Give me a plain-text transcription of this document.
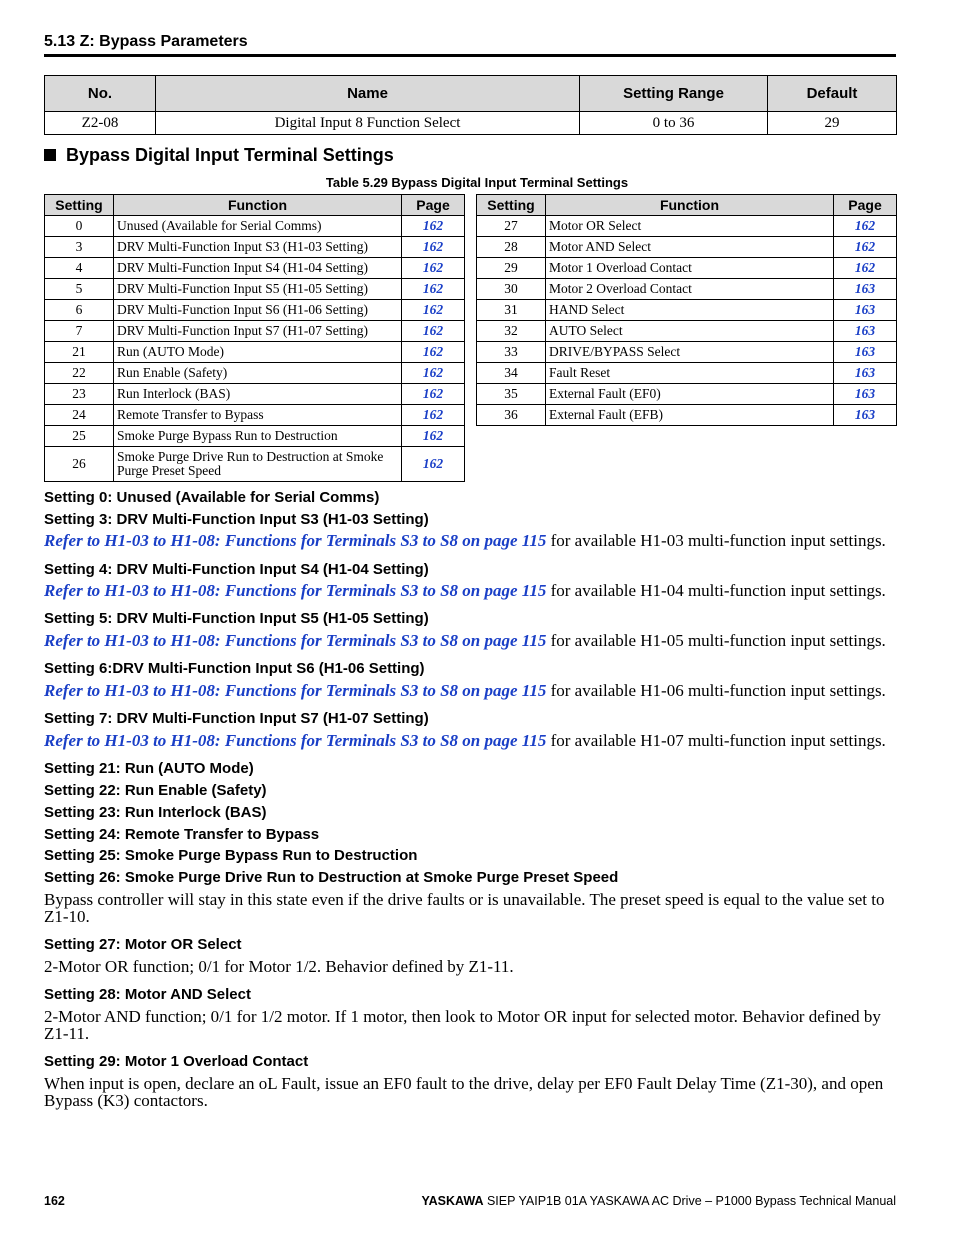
5.13 Z: Bypass Parameters
No.	Name	Setting Range	Default
Z2-08	Digital Input 8 Function Select	0 to 36	29
Bypass Digital Input Terminal Settings
Table 5.29 Bypass Digital Input Terminal Settings
Setting	Function	Page
0	Unused (Available for Serial Comms)	162
3	DRV Multi-Function Input S3 (H1-03 Setting)	162
4	DRV Multi-Function Input S4 (H1-04 Setting)	162
5	DRV Multi-Function Input S5 (H1-05 Setting)	162
6	DRV Multi-Function Input S6 (H1-06 Setting)	162
7	DRV Multi-Function Input S7 (H1-07 Setting)	162
21	Run (AUTO Mode)	162
22	Run Enable (Safety)	162
23	Run Interlock (BAS)	162
24	Remote Transfer to Bypass	162
25	Smoke Purge Bypass Run to Destruction	162
26	Smoke Purge Drive Run to Destruction at Smoke Purge Preset Speed	162
Setting	Function	Page
27	Motor OR Select	162
28	Motor AND Select	162
29	Motor 1 Overload Contact	162
30	Motor 2 Overload Contact	163
31	HAND Select	163
32	AUTO Select	163
33	DRIVE/BYPASS Select	163
34	Fault Reset	163
35	External Fault (EF0)	163
36	External Fault (EFB)	163
Setting 0: Unused (Available for Serial Comms)
Setting 3: DRV Multi-Function Input S3 (H1-03 Setting)
Refer to H1-03 to H1-08: Functions for Terminals S3 to S8 on page 115 for available H1-03 multi-function input settings.
Setting 4: DRV Multi-Function Input S4 (H1-04 Setting)
Refer to H1-03 to H1-08: Functions for Terminals S3 to S8 on page 115 for available H1-04 multi-function input settings.
Setting 5: DRV Multi-Function Input S5 (H1-05 Setting)
Refer to H1-03 to H1-08: Functions for Terminals S3 to S8 on page 115 for available H1-05 multi-function input settings.
Setting 6:DRV Multi-Function Input S6 (H1-06 Setting)
Refer to H1-03 to H1-08: Functions for Terminals S3 to S8 on page 115 for available H1-06 multi-function input settings.
Setting 7: DRV Multi-Function Input S7 (H1-07 Setting)
Refer to H1-03 to H1-08: Functions for Terminals S3 to S8 on page 115 for available H1-07 multi-function input settings.
Setting 21: Run (AUTO Mode)
Setting 22: Run Enable (Safety)
Setting 23: Run Interlock (BAS)
Setting 24: Remote Transfer to Bypass
Setting 25: Smoke Purge Bypass Run to Destruction
Setting 26: Smoke Purge Drive Run to Destruction at Smoke Purge Preset Speed
Bypass controller will stay in this state even if the drive faults or is unavailable. The preset speed is equal to the value set to Z1-10.
Setting 27: Motor OR Select
2-Motor OR function; 0/1 for Motor 1/2. Behavior defined by Z1-11.
Setting 28: Motor AND Select
2-Motor AND function; 0/1 for 1/2 motor. If 1 motor, then look to Motor OR input for selected motor. Behavior defined by Z1-11.
Setting 29: Motor 1 Overload Contact
When input is open, declare an oL Fault, issue an EF0 fault to the drive, delay per EF0 Fault Delay Time (Z1-30), and open Bypass (K3) contactors.
162	YASKAWA SIEP YAIP1B 01A YASKAWA AC Drive – P1000 Bypass Technical Manual
